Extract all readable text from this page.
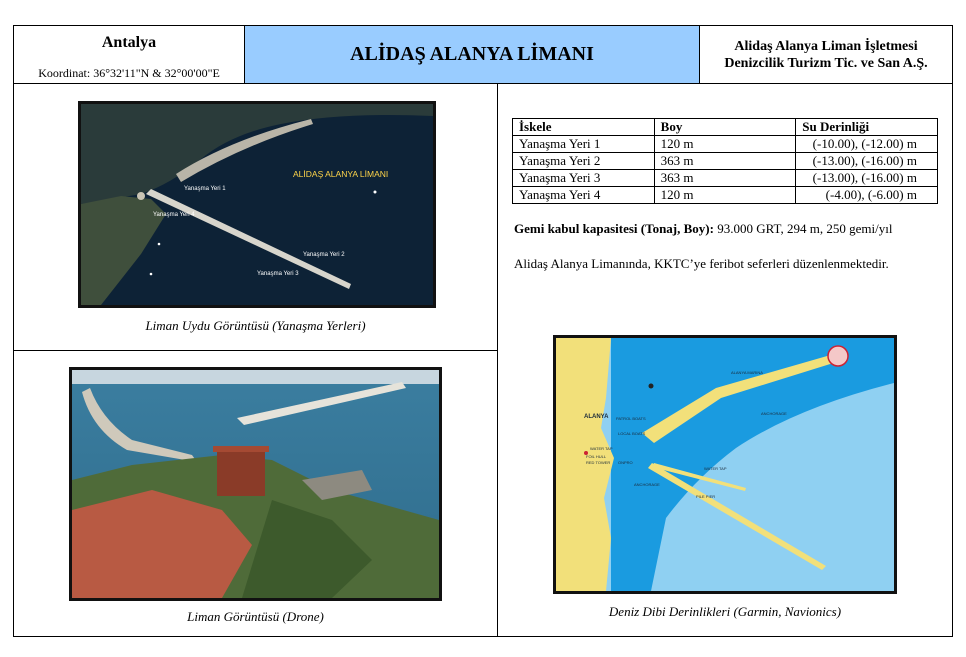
Antalya
Koordinat: 36°32'11"N & 32°00'00"E
ALİDAŞ ALANYA LİMANI	Alidaş Alanya Liman İşletmesi
Denizcilik Turizm Tic. ve San A.Ş.
ALİDAŞ ALANYA LİMANI
Yanaşma Yeri 1
Yanaşma Yeri 4
Yanaşma Yeri 2
Yanaşma Yeri 3
Liman Uydu Görüntüsü (Yanaşma Yerleri)
Liman Görüntüsü (Drone)
İskele	Boy	Su Derinliği
Yanaşma Yeri 1	120 m	(-10.00), (-12.00) m
Yanaşma Yeri 2	363 m	(-13.00), (-16.00) m
Yanaşma Yeri 3	363 m	(-13.00), (-16.00) m
Yanaşma Yeri 4	120 m	(-4.00), (-6.00) m
Gemi kabul kapasitesi (Tonaj, Boy): 93.000 GRT, 294 m, 250 gemi/yıl
Alidaş Alanya Limanında, KKTC’ye feribot seferleri düzenlenmektedir.
ALANYA PATROL BOATS
LOCAL BOATS
ALANYA MARINA
ANCHORAGE
WATER TAP
FOIL HULL
RED TOWER ONPRO
ANCHORAGE
WATER TAP
PILE PIER
Deniz Dibi Derinlikleri (Garmin, Navionics)
